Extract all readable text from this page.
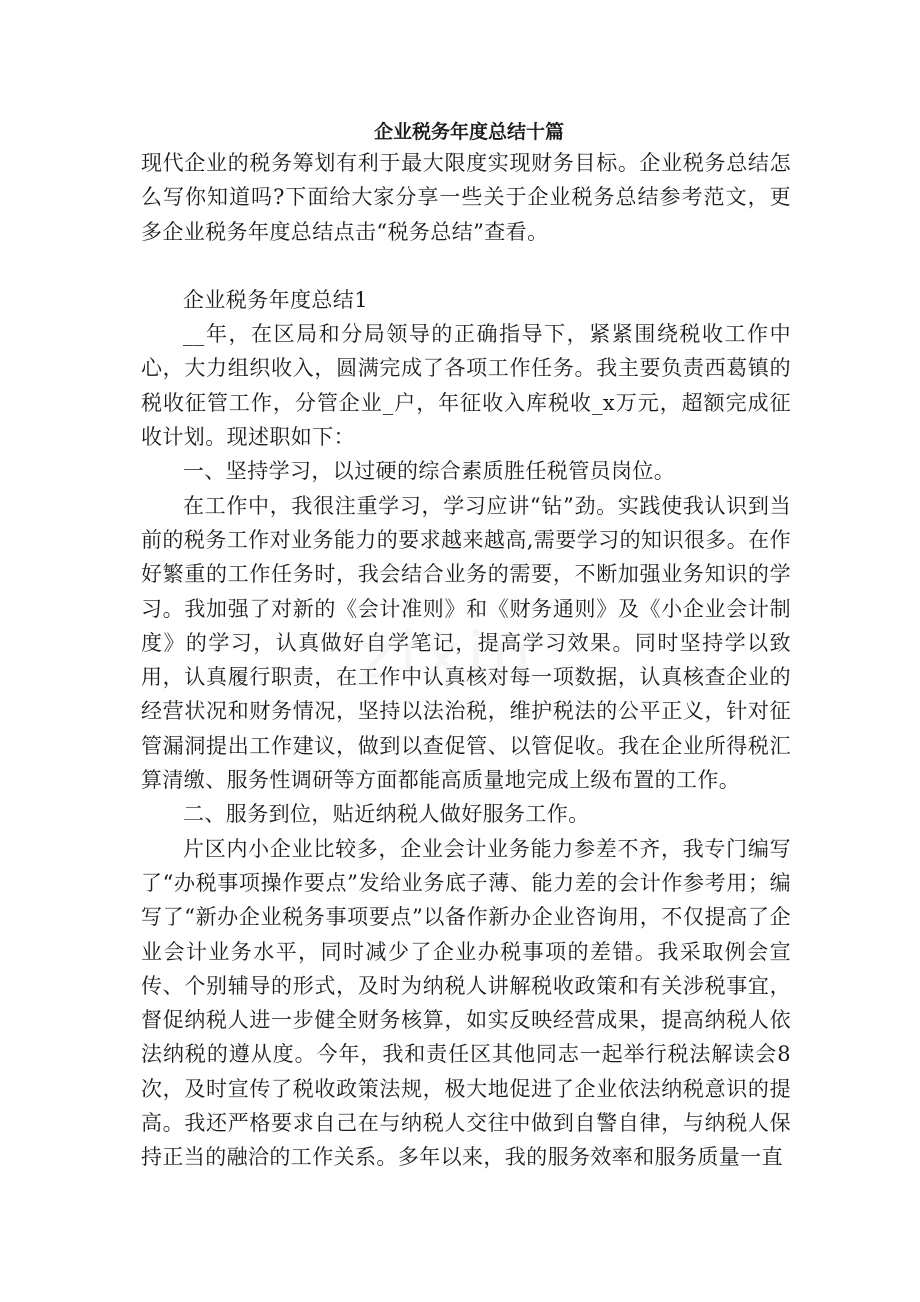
企业税务年度总结十篇

现代企业的税务筹划有利于最大限度实现财务目标。企业税务总结怎么写你知道吗?下面给大家分享一些关于企业税务总结参考范文，更多企业税务年度总结点击“税务总结”查看。

企业税务年度总结1

__年，在区局和分局领导的正确指导下，紧紧围绕税收工作中心，大力组织收入，圆满完成了各项工作任务。我主要负责西葛镇的税收征管工作，分管企业_户，年征收入库税收_x万元，超额完成征收计划。现述职如下：

一、坚持学习，以过硬的综合素质胜任税管员岗位。

在工作中，我很注重学习，学习应讲“钻”劲。实践使我认识到当前的税务工作对业务能力的要求越来越高,需要学习的知识很多。在作好繁重的工作任务时，我会结合业务的需要，不断加强业务知识的学习。我加强了对新的《会计准则》和《财务通则》及《小企业会计制度》的学习，认真做好自学笔记，提高学习效果。同时坚持学以致用，认真履行职责，在工作中认真核对每一项数据，认真核查企业的经营状况和财务情况，坚持以法治税，维护税法的公平正义，针对征管漏洞提出工作建议，做到以查促管、以管促收。我在企业所得税汇算清缴、服务性调研等方面都能高质量地完成上级布置的工作。

二、服务到位，贴近纳税人做好服务工作。

片区内小企业比较多，企业会计业务能力参差不齐，我专门编写了“办税事项操作要点”发给业务底子薄、能力差的会计作参考用；编写了“新办企业税务事项要点”以备作新办企业咨询用，不仅提高了企业会计业务水平，同时减少了企业办税事项的差错。我采取例会宣传、个别辅导的形式，及时为纳税人讲解税收政策和有关涉税事宜，督促纳税人进一步健全财务核算，如实反映经营成果，提高纳税人依法纳税的遵从度。今年，我和责任区其他同志一起举行税法解读会8次，及时宣传了税收政策法规，极大地促进了企业依法纳税意识的提高。我还严格要求自己在与纳税人交往中做到自警自律，与纳税人保持正当的融洽的工作关系。多年以来，我的服务效率和服务质量一直
